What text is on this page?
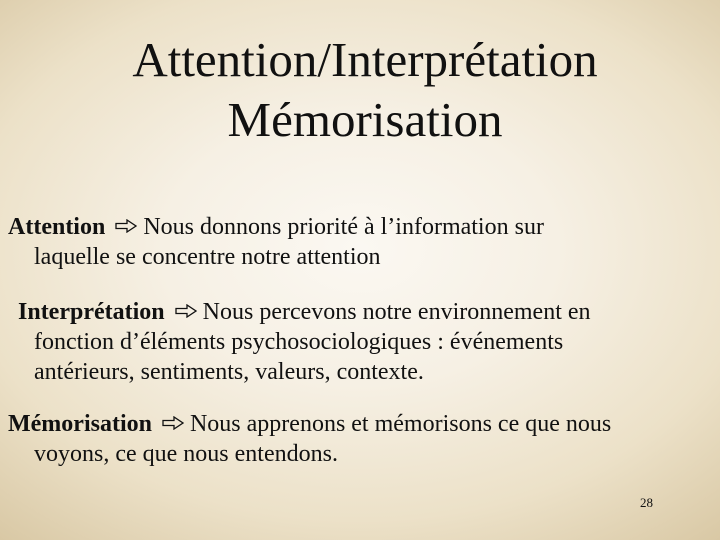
Attention/Interprétation
Mémorisation
Attention Nous donnons priorité à l’information sur
laquelle se concentre notre attention
Interprétation Nous percevons notre environnement en
fonction d’éléments psychosociologiques : événements
antérieurs, sentiments, valeurs, contexte.
Mémorisation Nous apprenons et mémorisons ce que nous
voyons, ce que nous entendons.
28
